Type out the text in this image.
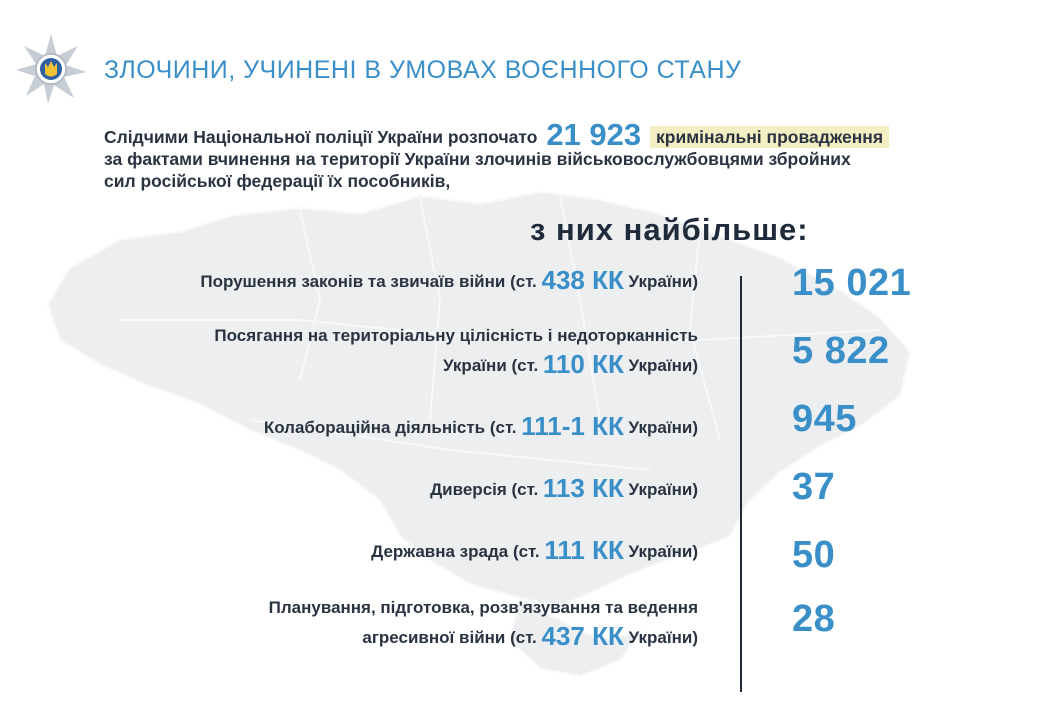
ЗЛОЧИНИ, УЧИНЕНІ В УМОВАХ ВОЄННОГО СТАНУ
Слідчими Національної поліції України розпочато 21 923 кримінальні провадження
за фактами вчинення на території України злочинів військовослужбовцями збройних
сил російської федерації їх пособників,
з них найбільше:
Порушення законів та звичаїв війни (ст. 438 КК України) 15 021
Посягання на територіальну цілісність і недоторканність
України (ст. 110 КК України) 5 822
Колабораційна діяльність (ст. 111-1 КК України) 945
Диверсія (ст. 113 КК України) 37
Державна зрада (ст. 111 КК України) 50
Планування, підготовка, розв'язування та ведення
агресивної війни (ст. 437 КК України) 28
